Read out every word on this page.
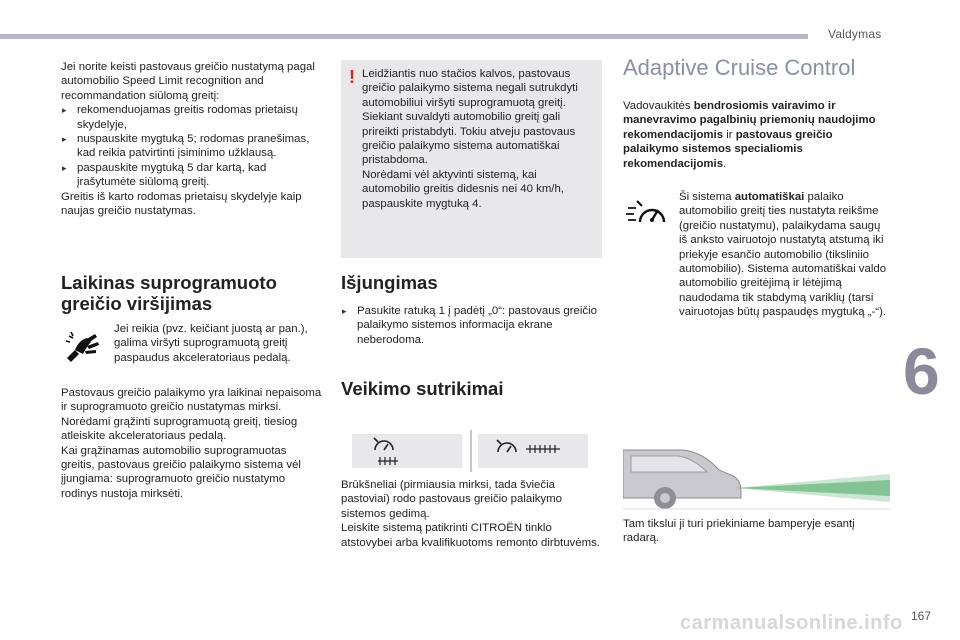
Valdymas
6

Jei norite keisti pastovaus greičio nustatymą pagal automobilio Speed Limit recognition and recommandation siūlomą greitį:

▸ rekomenduojamas greitis rodomas prietaisų skydelyje,
▸ nuspauskite mygtuką 5; rodomas pranešimas, kad reikia patvirtinti įsiminimo užklausą.
▸ paspauskite mygtuką 5 dar kartą, kad įrašytumėte siūlomą greitį.

Greitis iš karto rodomas prietaisų skydelyje kaip naujas greičio nustatymas.

Laikinas suprogramuoto greičio viršijimas

Jei reikia (pvz. keičiant juostą ar pan.), galima viršyti suprogramuotą greitį paspaudus akceleratoriaus pedalą.

Pastovaus greičio palaikymo yra laikinai nepaisoma ir suprogramuoto greičio nustatymas mirksi.
Norėdami grąžinti suprogramuotą greitį, tiesiog atleiskite akceleratoriaus pedalą.
Kai grąžinamas automobilio suprogramuotas greitis, pastovaus greičio palaikymo sistema vėl įjungiama: suprogramuoto greičio nustatymo rodinys nustoja mirksėti.

! Leidžiantis nuo stačios kalvos, pastovaus greičio palaikymo sistema negali sutrukdyti automobiliui viršyti suprogramuotą greitį.
Siekiant suvaldyti automobilio greitį gali prireikti pristabdyti. Tokiu atveju pastovaus greičio palaikymo sistema automatiškai pristabdoma.
Norėdami vėl aktyvinti sistemą, kai automobilio greitis didesnis nei 40 km/h, paspauskite mygtuką 4.

Išjungimas
▸ Pasukite ratuką 1 į padėtį „0“: pastovaus greičio palaikymo sistemos informacija ekrane neberodoma.
Veikimo sutrikimai

Brūkšneliai (pirmiausia mirksi, tada šviečia pastoviai) rodo pastovaus greičio palaikymo sistemos gedimą.
Leiskite sistemą patikrinti CITROËN tinklo atstovybei arba kvalifikuotoms remonto dirbtuvėms.

Adaptive Cruise Control

Vadovaukitės bendrosiomis vairavimo ir manevravimo pagalbinių priemonių naudojimo rekomendacijomis ir pastovaus greičio palaikymo sistemos specialiomis rekomendacijomis.

Ši sistema automatiškai palaiko automobilio greitį ties nustatyta reikšme (greičio nustatymu), palaikydama saugų iš anksto vairuotojo nustatytą atstumą iki priekyje esančio automobilio (tiksliniio automobilio). Sistema automatiškai valdo automobilio greitėjimą ir lėtėjimą naudodama tik stabdymą variklių (tarsi vairuotojas būtų paspaudęs mygtuką „-“).

Tam tikslui ji turi priekiniame bamperyje esantį radarą.

carmanualsonline.info 167
